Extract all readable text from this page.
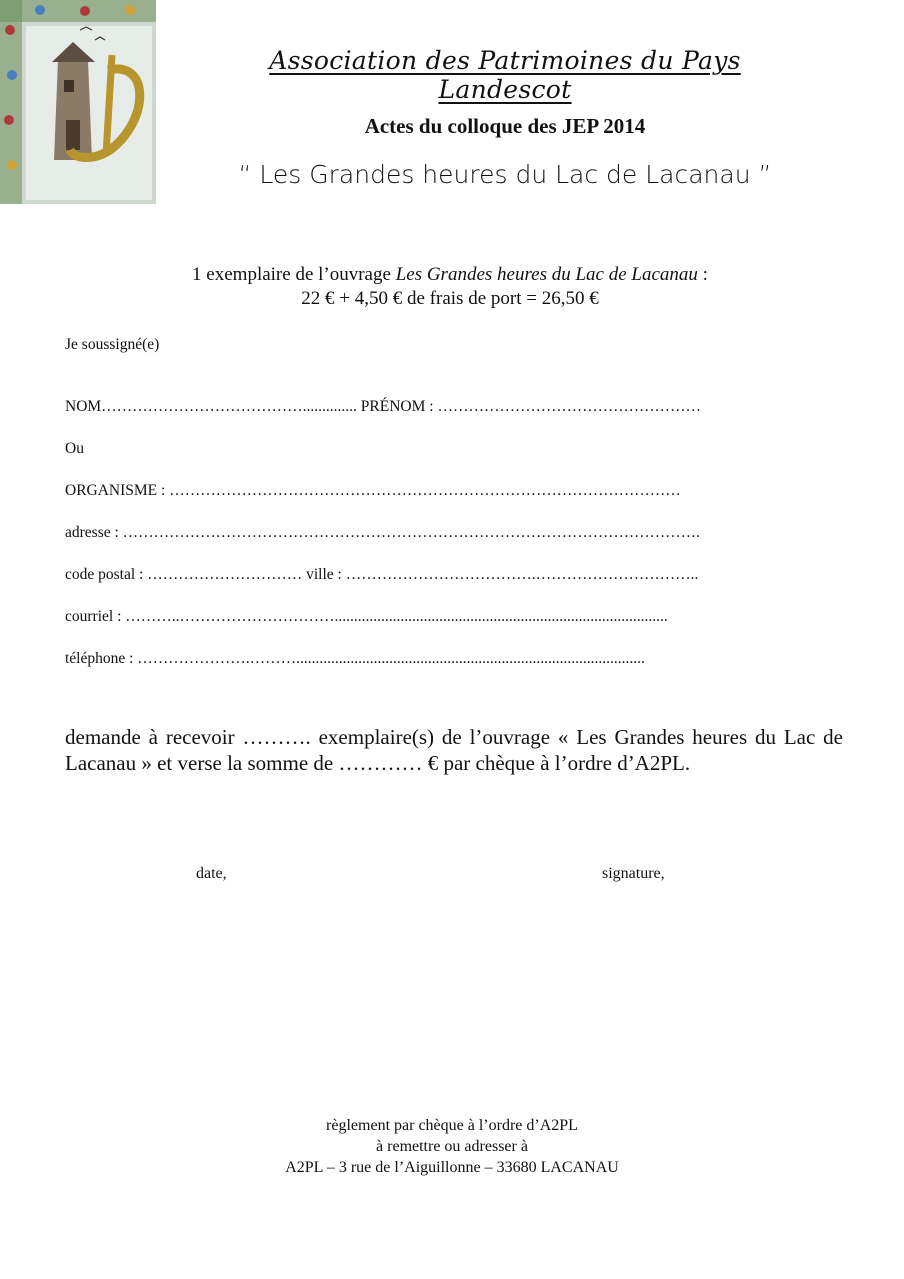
Association des Patrimoines du Pays Landescot
Actes du colloque des JEP 2014
“ Les Grandes heures du Lac de Lacanau ”
1 exemplaire de l’ouvrage Les Grandes heures du Lac de Lacanau :
22 € + 4,50 € de frais de port = 26,50 €
Je soussigné(e)
NOM………………………………….............. PRÉNOM : ……………………………………………
Ou
ORGANISME : ………………………………………………………………………………………
adresse : ………………………………………………………………………………………………….
code postal : ………………………… ville : ……………………………….…………………………..
courriel : ………..…………………………......................................................................................
téléphone : ………………….………..........................................................................................
demande à recevoir ………. exemplaire(s) de l’ouvrage « Les Grandes heures du Lac de Lacanau » et verse la somme de ………… € par chèque à l’ordre d’A2PL.
date,	signature,
règlement par chèque à l’ordre d’A2PL
à remettre ou adresser à
A2PL – 3 rue de l’Aiguillonne – 33680 LACANAU
